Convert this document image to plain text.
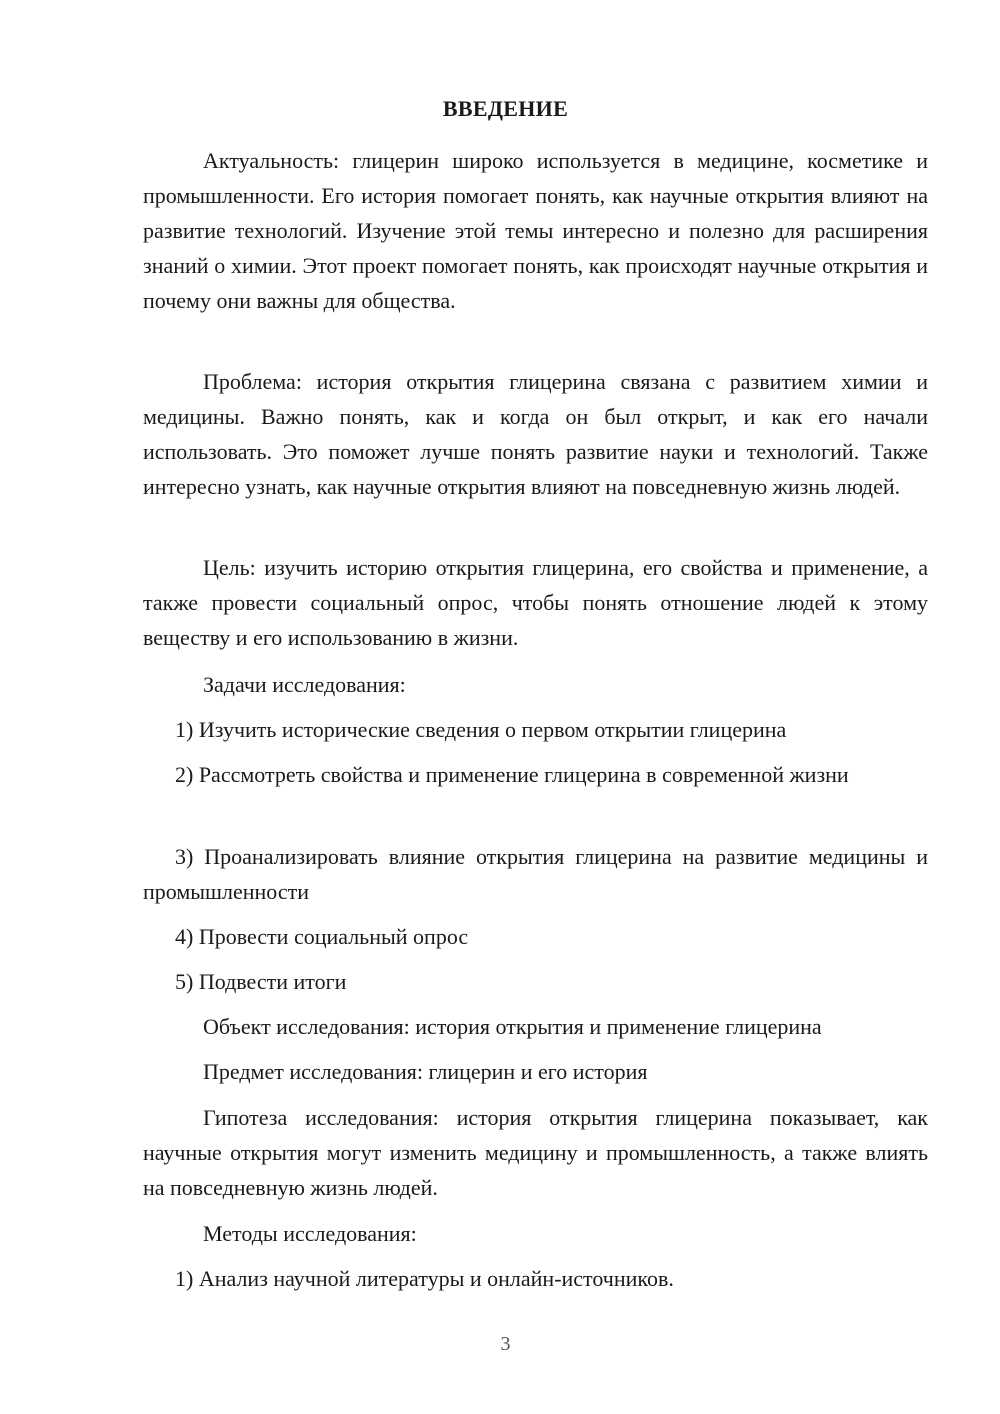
ВВЕДЕНИЕ

Актуальность: глицерин широко используется в медицине, косметике и промышленности. Его история помогает понять, как научные открытия влияют на развитие технологий. Изучение этой темы интересно и полезно для расширения знаний о химии. Этот проект помогает понять, как происходят научные открытия и почему они важны для общества.

Проблема: история открытия глицерина связана с развитием химии и медицины. Важно понять, как и когда он был открыт, и как его начали использовать. Это поможет лучше понять развитие науки и технологий. Также интересно узнать, как научные открытия влияют на повседневную жизнь людей.

Цель: изучить историю открытия глицерина, его свойства и применение, а также провести социальный опрос, чтобы понять отношение людей к этому веществу и его использованию в жизни.

Задачи исследования:

1) Изучить исторические сведения о первом открытии глицерина

2) Рассмотреть свойства и применение глицерина в современной жизни

3) Проанализировать влияние открытия глицерина на развитие медицины и промышленности

4) Провести социальный опрос

5) Подвести итоги

Объект исследования: история открытия и применение глицерина

Предмет исследования: глицерин и его история

Гипотеза исследования: история открытия глицерина показывает, как научные открытия могут изменить медицину и промышленность, а также влиять на повседневную жизнь людей.

Методы исследования:

1) Анализ научной литературы и онлайн-источников.

3
